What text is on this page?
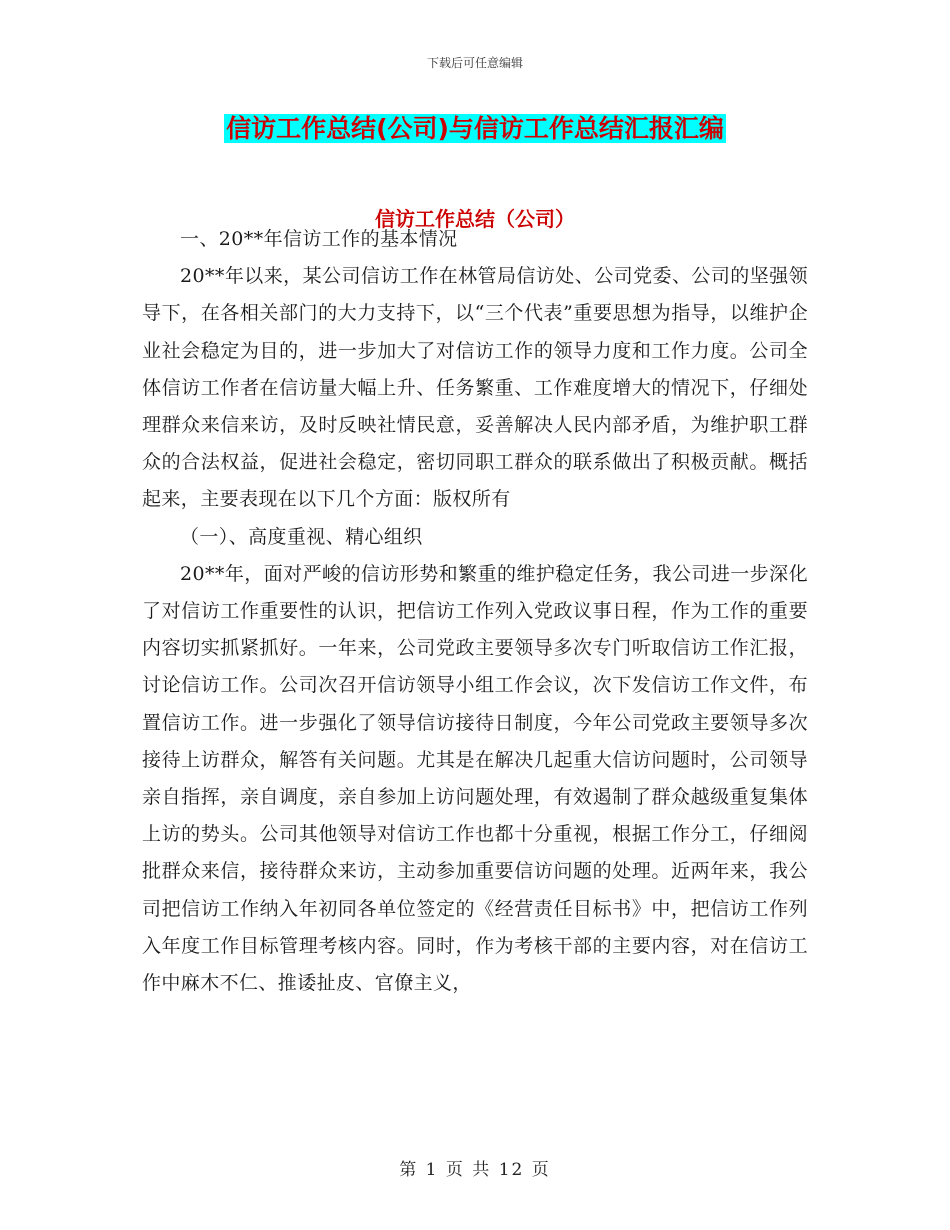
下载后可任意编辑
信访工作总结(公司)与信访工作总结汇报汇编
信访工作总结（公司）

一、20**年信访工作的基本情况

20**年以来，某公司信访工作在林管局信访处、公司党委、公司的坚强领导下，在各相关部门的大力支持下，以“三个代表”重要思想为指导，以维护企业社会稳定为目的，进一步加大了对信访工作的领导力度和工作力度。公司全体信访工作者在信访量大幅上升、任务繁重、工作难度增大的情况下，仔细处理群众来信来访，及时反映社情民意，妥善解决人民内部矛盾，为维护职工群众的合法权益，促进社会稳定，密切同职工群众的联系做出了积极贡献。概括起来，主要表现在以下几个方面：版权所有

（一）、高度重视、精心组织

20**年，面对严峻的信访形势和繁重的维护稳定任务，我公司进一步深化了对信访工作重要性的认识，把信访工作列入党政议事日程，作为工作的重要内容切实抓紧抓好。一年来，公司党政主要领导多次专门听取信访工作汇报，讨论信访工作。公司次召开信访领导小组工作会议，次下发信访工作文件，布置信访工作。进一步强化了领导信访接待日制度，今年公司党政主要领导多次接待上访群众，解答有关问题。尤其是在解决几起重大信访问题时，公司领导亲自指挥，亲自调度，亲自参加上访问题处理，有效遏制了群众越级重复集体上访的势头。公司其他领导对信访工作也都十分重视，根据工作分工，仔细阅批群众来信，接待群众来访，主动参加重要信访问题的处理。近两年来，我公司把信访工作纳入年初同各单位签定的《经营责任目标书》中，把信访工作列入年度工作目标管理考核内容。同时，作为考核干部的主要内容，对在信访工作中麻木不仁、推诿扯皮、官僚主义，

第 1 页 共 12 页
